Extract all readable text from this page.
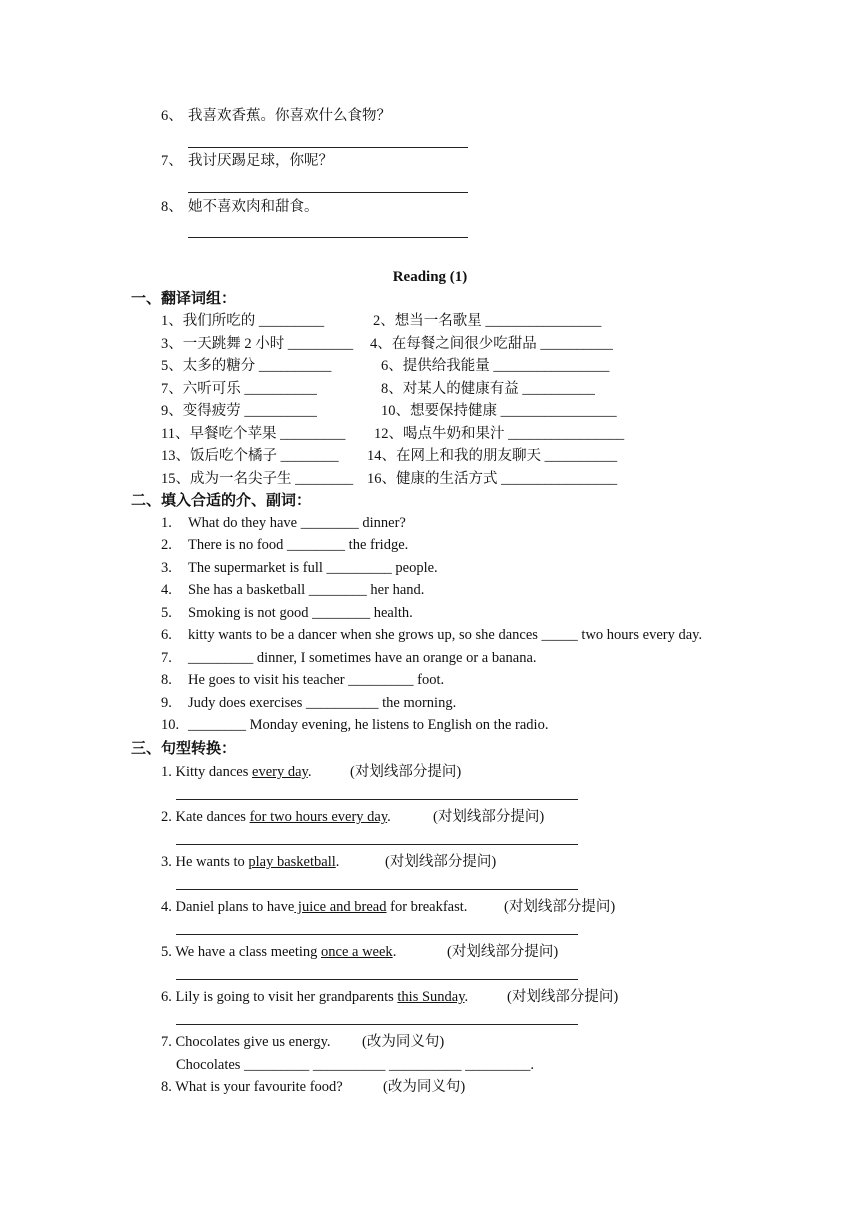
6、 我喜欢香蕉。你喜欢什么食物？
7、 我讨厌踢足球，你呢？
8、 她不喜欢肉和甜食。
Reading (1)
一、翻译词组：
1、我们所吃的 _________	2、想当一名歌星 ________________
3、一天跳舞 2 小时 _________ 4、在每餐之间很少吃甜品 __________
5、太多的糖分 __________	6、提供给我能量 ________________
7、六听可乐 __________	8、对某人的健康有益 __________
9、变得疲劳 __________	10、想要保持健康 ________________
11、早餐吃个苹果 _________ 12、喝点牛奶和果汁 ________________
13、饭后吃个橘子 ________ 14、在网上和我的朋友聊天 __________
15、成为一名尖子生 ________ 16、健康的生活方式 ________________
二、填入合适的介、副词：
1. What do they have ________ dinner?
2. There is no food ________ the fridge.
3. The supermarket is full _________ people.
4. She has a basketball ________ her hand.
5. Smoking is not good ________ health.
6. kitty wants to be a dancer when she grows up, so she dances _____ two hours every day.
7. _________ dinner, I sometimes have an orange or a banana.
8. He goes to visit his teacher _________ foot.
9. Judy does exercises __________ the morning.
10. ________ Monday evening, he listens to English on the radio.
三、句型转换：
1. Kitty dances every day.	(对划线部分提问)
2. Kate dances for two hours every day.	(对划线部分提问)
3. He wants to play basketball.	(对划线部分提问)
4. Daniel plans to have juice and bread for breakfast.	(对划线部分提问)
5. We have a class meeting once a week.	(对划线部分提问)
6. Lily is going to visit her grandparents this Sunday.	(对划线部分提问)
7. Chocolates give us energy. (改为同义句)
Chocolates _________ __________ __________ _________.
8. What is your favourite food?	(改为同义句)
